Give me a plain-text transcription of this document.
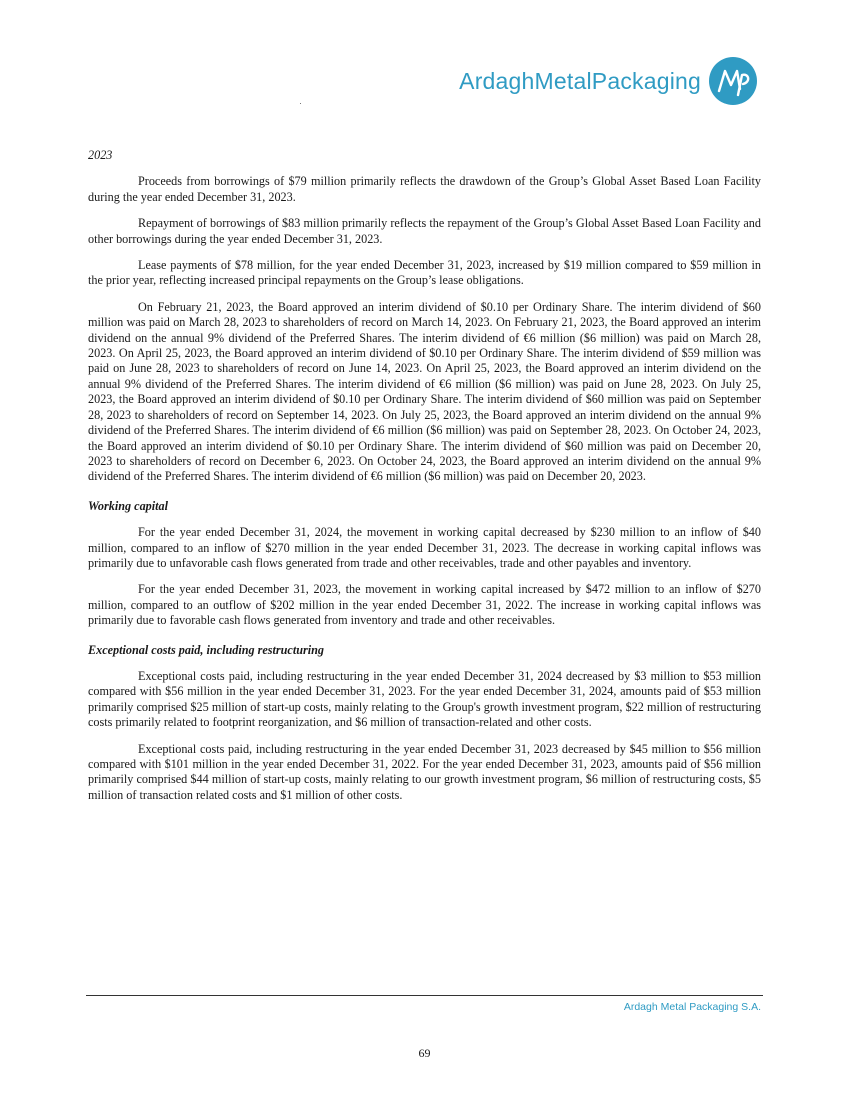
ArdaghMetalPackaging

2023

Proceeds from borrowings of $79 million primarily reflects the drawdown of the Group’s Global Asset Based Loan Facility during the year ended December 31, 2023.

Repayment of borrowings of $83 million primarily reflects the repayment of the Group’s Global Asset Based Loan Facility and other borrowings during the year ended December 31, 2023.

Lease payments of $78 million, for the year ended December 31, 2023, increased by $19 million compared to $59 million in the prior year, reflecting increased principal repayments on the Group’s lease obligations.

On February 21, 2023, the Board approved an interim dividend of $0.10 per Ordinary Share. The interim dividend of $60 million was paid on March 28, 2023 to shareholders of record on March 14, 2023. On February 21, 2023, the Board approved an interim dividend on the annual 9% dividend of the Preferred Shares. The interim dividend of €6 million ($6 million) was paid on March 28, 2023. On April 25, 2023, the Board approved an interim dividend of $0.10 per Ordinary Share. The interim dividend of $59 million was paid on June 28, 2023 to shareholders of record on June 14, 2023. On April 25, 2023, the Board approved an interim dividend on the annual 9% dividend of the Preferred Shares. The interim dividend of €6 million ($6 million) was paid on June 28, 2023. On July 25, 2023, the Board approved an interim dividend of $0.10 per Ordinary Share. The interim dividend of $60 million was paid on September 28, 2023 to shareholders of record on September 14, 2023. On July 25, 2023, the Board approved an interim dividend on the annual 9% dividend of the Preferred Shares. The interim dividend of €6 million ($6 million) was paid on September 28, 2023. On October 24, 2023, the Board approved an interim dividend of $0.10 per Ordinary Share. The interim dividend of $60 million was paid on December 20, 2023 to shareholders of record on December 6, 2023. On October 24, 2023, the Board approved an interim dividend on the annual 9% dividend of the Preferred Shares. The interim dividend of €6 million ($6 million) was paid on December 20, 2023.

Working capital

For the year ended December 31, 2024, the movement in working capital decreased by $230 million to an inflow of $40 million, compared to an inflow of $270 million in the year ended December 31, 2023. The decrease in working capital inflows was primarily due to unfavorable cash flows generated from trade and other receivables, trade and other payables and inventory.

For the year ended December 31, 2023, the movement in working capital increased by $472 million to an inflow of $270 million, compared to an outflow of $202 million in the year ended December 31, 2022. The increase in working capital inflows was primarily due to favorable cash flows generated from inventory and trade and other receivables.

Exceptional costs paid, including restructuring

Exceptional costs paid, including restructuring in the year ended December 31, 2024 decreased by $3 million to $53 million compared with $56 million in the year ended December 31, 2023. For the year ended December 31, 2024, amounts paid of $53 million primarily comprised $25 million of start-up costs, mainly relating to the Group's growth investment program, $22 million of restructuring costs primarily related to footprint reorganization, and $6 million of transaction-related and other costs.

Exceptional costs paid, including restructuring in the year ended December 31, 2023 decreased by $45 million to $56 million compared with $101 million in the year ended December 31, 2022. For the year ended December 31, 2023, amounts paid of $56 million primarily comprised $44 million of start-up costs, mainly relating to our growth investment program, $6 million of restructuring costs, $5 million of transaction related costs and $1 million of other costs.

Ardagh Metal Packaging S.A.
69
